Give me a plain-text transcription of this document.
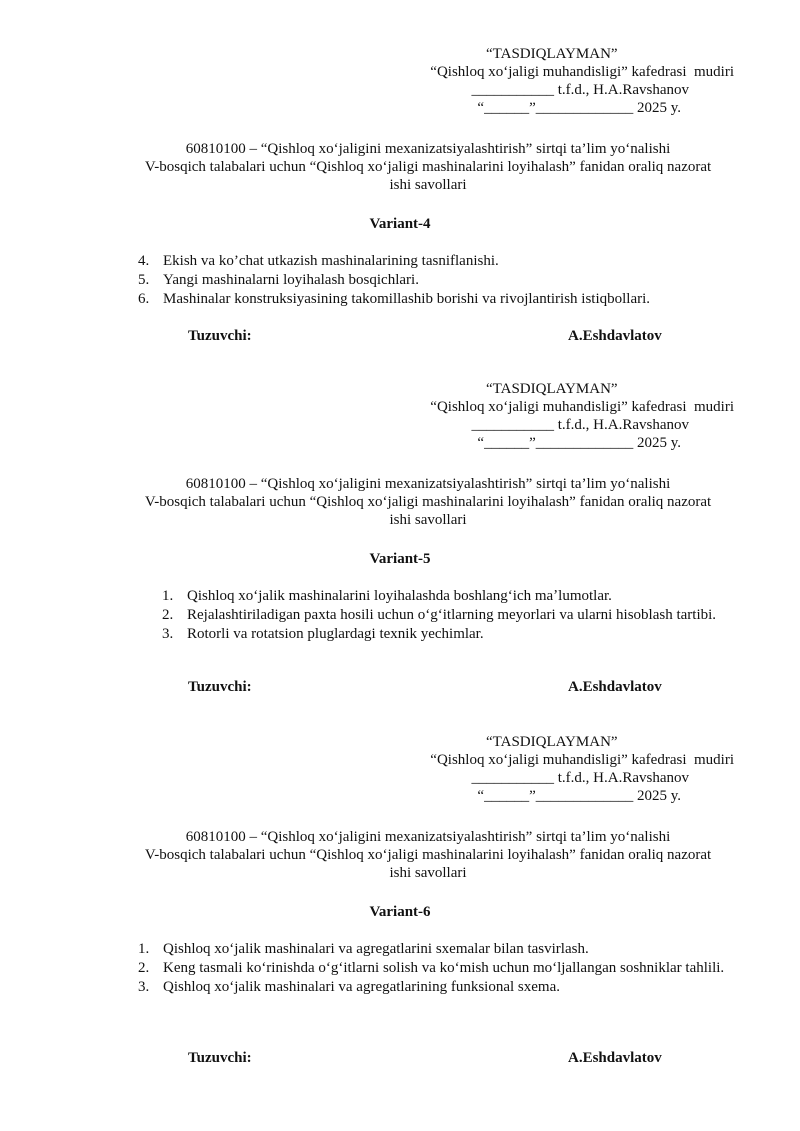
“TASDIQLAYMAN”
“Qishloq xoʻjaligi muhandisligi” kafedrasi  mudiri
___________ t.f.d., H.A.Ravshanov
“______”_____________ 2025 y.
60810100 – “Qishloq xoʻjaligini mexanizatsiyalashtirish” sirtqi ta’lim yoʻnalishi
V-bosqich talabalari uchun “Qishloq xoʻjaligi mashinalarini loyihalash” fanidan oraliq nazorat
ishi savollari
Variant-4
4. Ekish va ko’chat utkazish mashinalarining tasniflanishi.
5. Yangi mashinalarni loyihalash bosqichlari.
6. Mashinalar konstruksiyasining takomillashib borishi va rivojlantirish istiqbollari.
Tuzuvchi:	A.Eshdavlatov
“TASDIQLAYMAN”
“Qishloq xoʻjaligi muhandisligi” kafedrasi  mudiri
___________ t.f.d., H.A.Ravshanov
“______”_____________ 2025 y.
60810100 – “Qishloq xoʻjaligini mexanizatsiyalashtirish” sirtqi ta’lim yoʻnalishi
V-bosqich talabalari uchun “Qishloq xoʻjaligi mashinalarini loyihalash” fanidan oraliq nazorat
ishi savollari
Variant-5
1. Qishloq xoʻjalik mashinalarini loyihalashda boshlangʻich maʼlumotlar.
2. Rejalashtiriladigan paxta hosili uchun oʻgʻitlarning meyorlari va ularni hisoblash tartibi.
3. Rotorli va rotatsion pluglardagi texnik yechimlar.
Tuzuvchi:	A.Eshdavlatov
“TASDIQLAYMAN”
“Qishloq xoʻjaligi muhandisligi” kafedrasi  mudiri
___________ t.f.d., H.A.Ravshanov
“______”_____________ 2025 y.
60810100 – “Qishloq xoʻjaligini mexanizatsiyalashtirish” sirtqi ta’lim yoʻnalishi
V-bosqich talabalari uchun “Qishloq xoʻjaligi mashinalarini loyihalash” fanidan oraliq nazorat
ishi savollari
Variant-6
1. Qishloq xoʻjalik mashinalari va agregatlarini sxemalar bilan tasvirlash.
2. Keng tasmali koʻrinishda oʻgʻitlarni solish va koʻmish uchun moʻljallangan soshniklar tahlili.
3. Qishloq xoʻjalik mashinalari va agregatlarining funksional sxema.
Tuzuvchi:	A.Eshdavlatov
